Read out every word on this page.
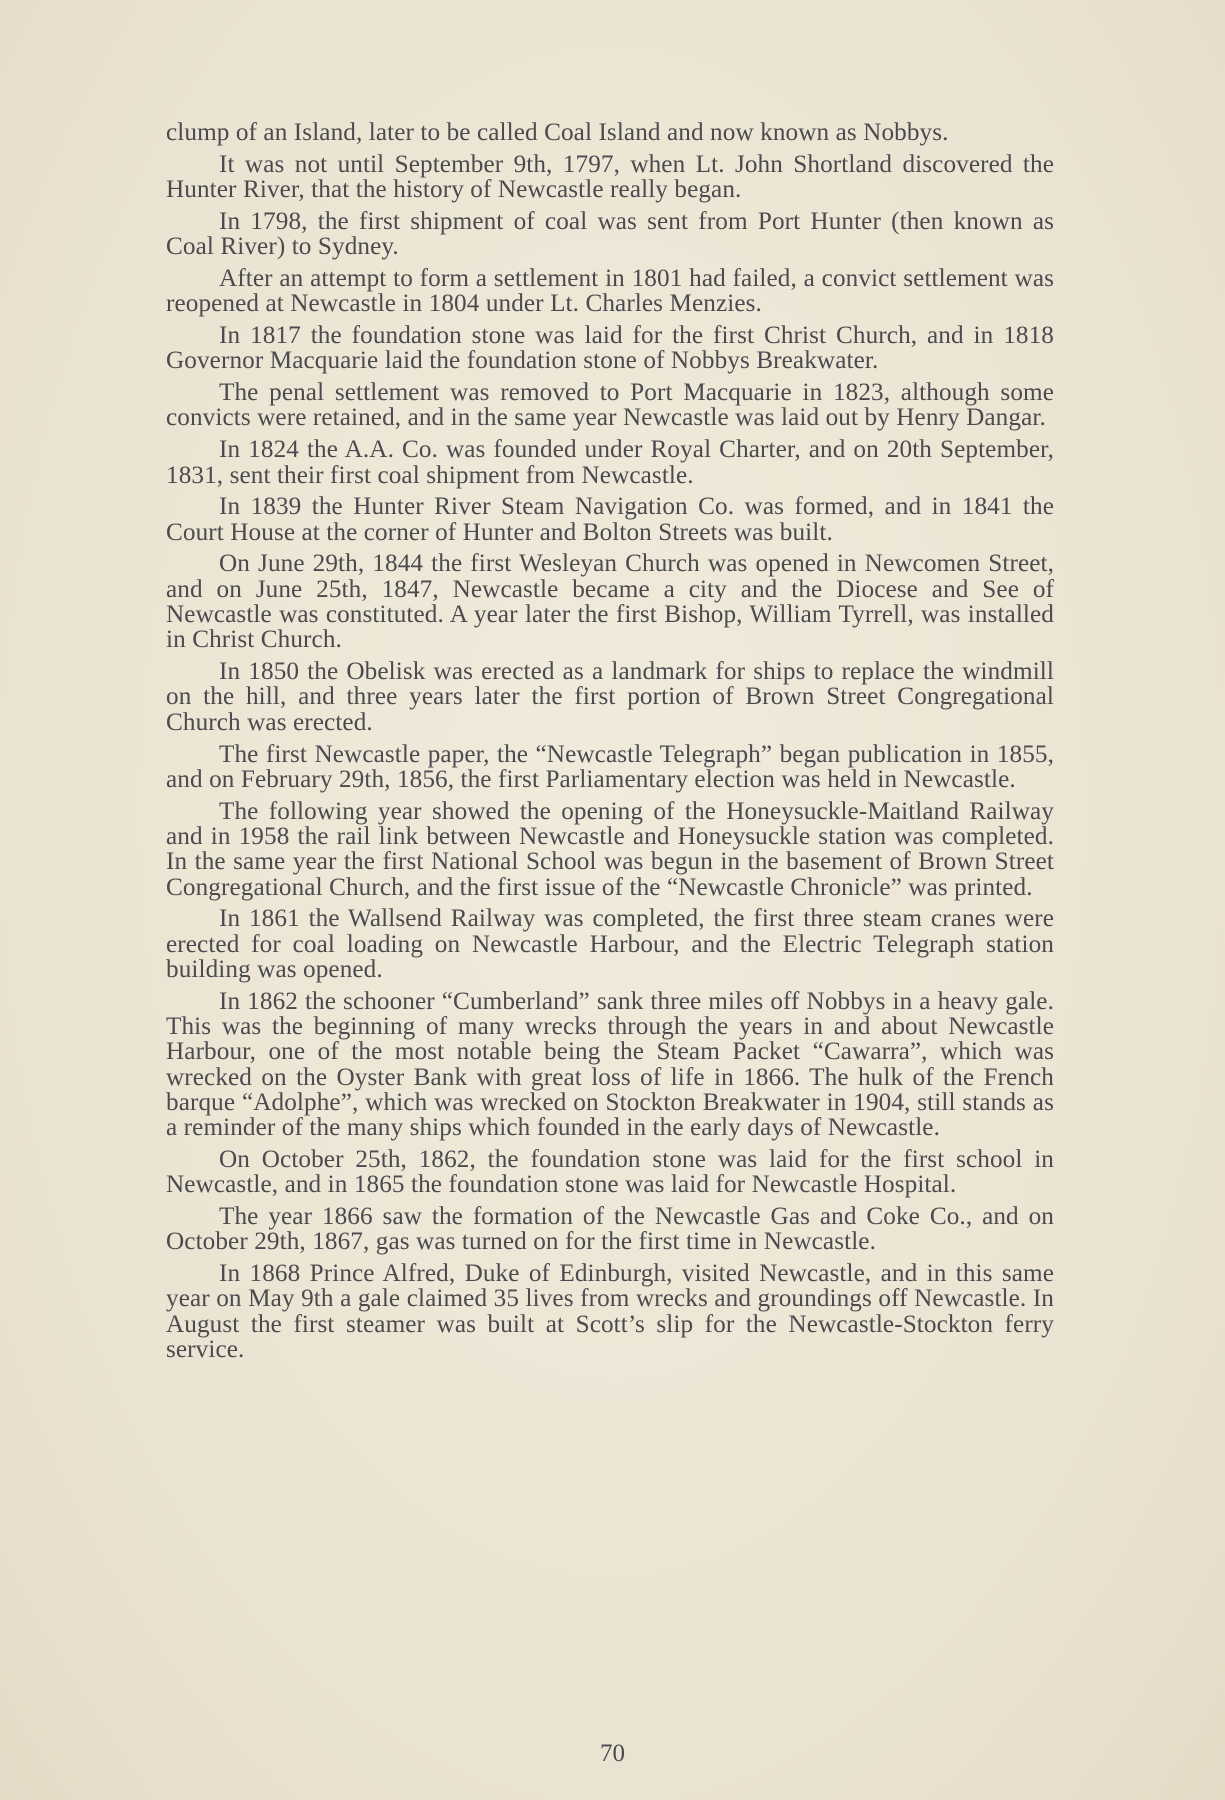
clump of an Island, later to be called Coal Island and now known as Nobbys.

It was not until September 9th, 1797, when Lt. John Shortland discovered the Hunter River, that the history of Newcastle really began.

In 1798, the first shipment of coal was sent from Port Hunter (then known as Coal River) to Sydney.

After an attempt to form a settlement in 1801 had failed, a convict settlement was reopened at Newcastle in 1804 under Lt. Charles Menzies.

In 1817 the foundation stone was laid for the first Christ Church, and in 1818 Governor Macquarie laid the foundation stone of Nobbys Breakwater.

The penal settlement was removed to Port Macquarie in 1823, although some convicts were retained, and in the same year Newcastle was laid out by Henry Dangar.

In 1824 the A.A. Co. was founded under Royal Charter, and on 20th September, 1831, sent their first coal shipment from Newcastle.

In 1839 the Hunter River Steam Navigation Co. was formed, and in 1841 the Court House at the corner of Hunter and Bolton Streets was built.

On June 29th, 1844 the first Wesleyan Church was opened in Newcomen Street, and on June 25th, 1847, Newcastle became a city and the Diocese and See of Newcastle was constituted. A year later the first Bishop, William Tyrrell, was installed in Christ Church.

In 1850 the Obelisk was erected as a landmark for ships to replace the windmill on the hill, and three years later the first portion of Brown Street Congregational Church was erected.

The first Newcastle paper, the “Newcastle Telegraph” began publication in 1855, and on February 29th, 1856, the first Parliamentary election was held in Newcastle.

The following year showed the opening of the Honeysuckle-Maitland Railway and in 1958 the rail link between Newcastle and Honeysuckle station was completed. In the same year the first National School was begun in the basement of Brown Street Congregational Church, and the first issue of the “Newcastle Chronicle” was printed.

In 1861 the Wallsend Railway was completed, the first three steam cranes were erected for coal loading on Newcastle Harbour, and the Electric Telegraph station building was opened.

In 1862 the schooner “Cumberland” sank three miles off Nobbys in a heavy gale. This was the beginning of many wrecks through the years in and about Newcastle Harbour, one of the most notable being the Steam Packet “Cawarra”, which was wrecked on the Oyster Bank with great loss of life in 1866. The hulk of the French barque “Adolphe”, which was wrecked on Stockton Breakwater in 1904, still stands as a reminder of the many ships which founded in the early days of Newcastle.

On October 25th, 1862, the foundation stone was laid for the first school in Newcastle, and in 1865 the foundation stone was laid for Newcastle Hospital.

The year 1866 saw the formation of the Newcastle Gas and Coke Co., and on October 29th, 1867, gas was turned on for the first time in Newcastle.

In 1868 Prince Alfred, Duke of Edinburgh, visited Newcastle, and in this same year on May 9th a gale claimed 35 lives from wrecks and groundings off Newcastle. In August the first steamer was built at Scott’s slip for the Newcastle-Stockton ferry service.

70
